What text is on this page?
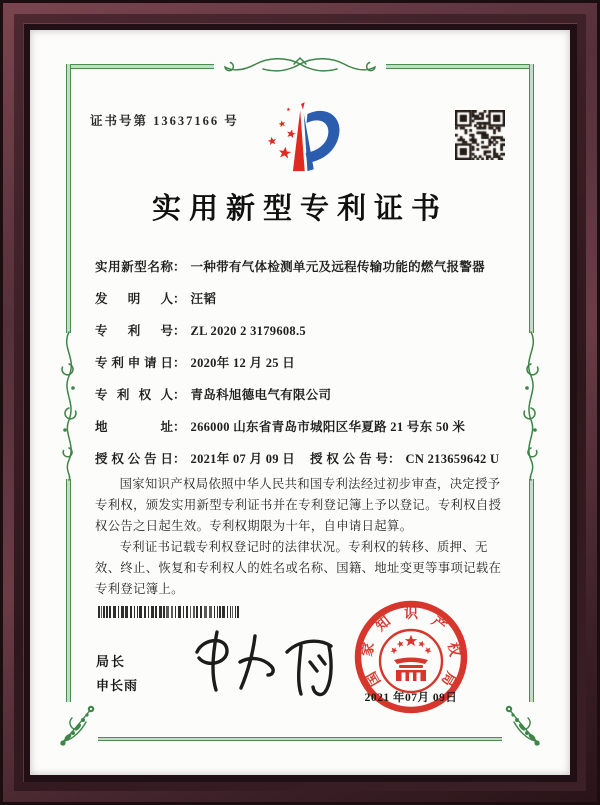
证书号第 13637166 号
实用新型专利证书
实用新型名称： 一种带有气体检测单元及远程传输功能的燃气报警器
发明人： 汪韬
专利号： ZL 2020 2 3179608.5
专利申请日： 2020年 12 月 25 日
专利权人： 青岛科旭德电气有限公司
地址： 266000 山东省青岛市城阳区华夏路 21 号东 50 米
授权公告日： 2021年 07 月 09 日 授权公告号： CN 213659642 U

国家知识产权局依照中华人民共和国专利法经过初步审查，决定授予专利权，颁发实用新型专利证书并在专利登记簿上予以登记。专利权自授权公告之日起生效。专利权期限为十年，自申请日起算。

专利证书记载专利权登记时的法律状况。专利权的转移、质押、无效、终止、恢复和专利权人的姓名或名称、国籍、地址变更等事项记载在专利登记簿上。

局长
申长雨	国
家
知 识 产
权
局
2021 年07月 09日
